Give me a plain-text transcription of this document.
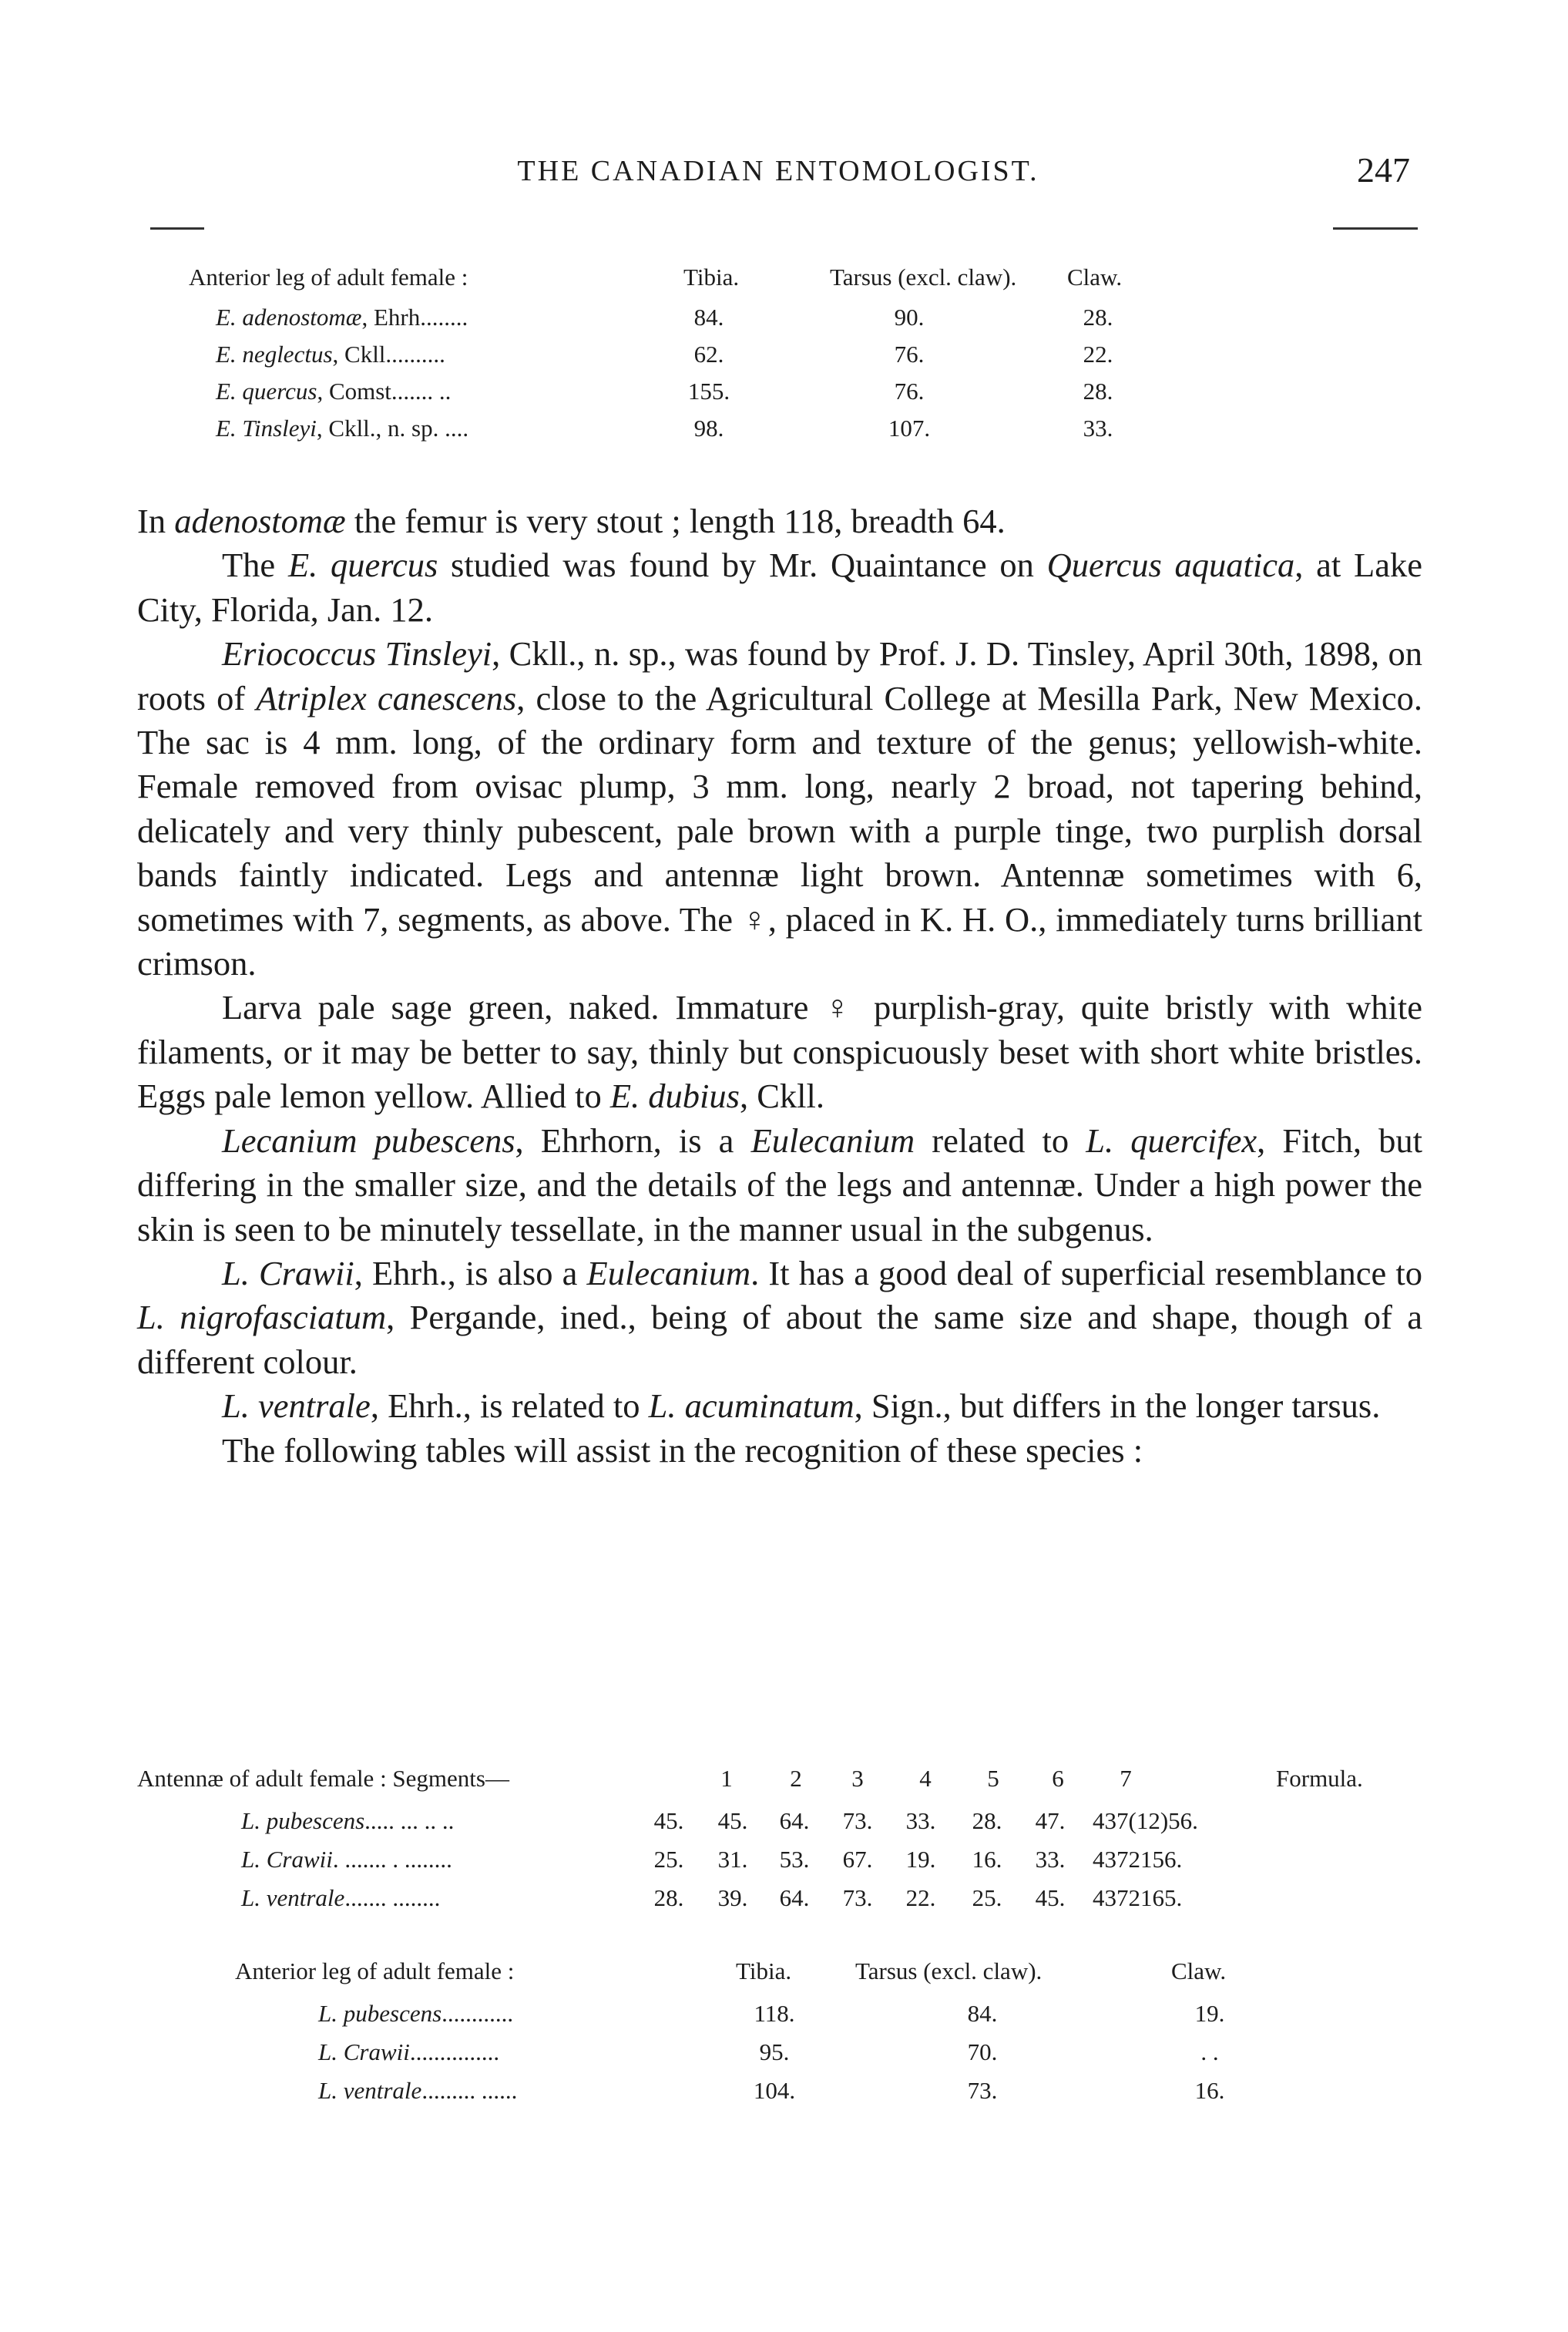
THE CANADIAN ENTOMOLOGIST.	247
Anterior leg of adult female :	Tibia.	Tarsus (excl. claw). Claw.
E. adenostomæ, Ehrh........	84.	90.	28.
E. neglectus, Ckll..........	62.	76.	22.
E. quercus, Comst....... ..	155.	76.	28.
E. Tinsleyi, Ckll., n. sp. ....	98.	107.	33.

In adenostomæ the femur is very stout ; length 118, breadth 64.

The E. quercus studied was found by Mr. Quaintance on Quercus aquatica, at Lake City, Florida, Jan. 12.

Eriococcus Tinsleyi, Ckll., n. sp., was found by Prof. J. D. Tinsley, April 30th, 1898, on roots of Atriplex canescens, close to the Agricultural College at Mesilla Park, New Mexico. The sac is 4 mm. long, of the ordinary form and texture of the genus; yellowish-white. Female removed from ovisac plump, 3 mm. long, nearly 2 broad, not tapering behind, delicately and very thinly pubescent, pale brown with a purple tinge, two purplish dorsal bands faintly indicated. Legs and antennæ light brown. Antennæ sometimes with 6, sometimes with 7, segments, as above. The ♀, placed in K. H. O., immediately turns brilliant crimson.

Larva pale sage green, naked. Immature ♀ purplish-gray, quite bristly with white filaments, or it may be better to say, thinly but conspicuously beset with short white bristles. Eggs pale lemon yellow. Allied to E. dubius, Ckll.

Lecanium pubescens, Ehrhorn, is a Eulecanium related to L. quercifex, Fitch, but differing in the smaller size, and the details of the legs and antennæ. Under a high power the skin is seen to be minutely tessellate, in the manner usual in the subgenus.

L. Crawii, Ehrh., is also a Eulecanium. It has a good deal of superficial resemblance to L. nigrofasciatum, Pergande, ined., being of about the same size and shape, though of a different colour.

L. ventrale, Ehrh., is related to L. acuminatum, Sign., but differs in the longer tarsus.

The following tables will assist in the recognition of these species :

Antennæ of adult female : Segments—	1	2	3	4	5	6	7	Formula.
L. pubescens..... ... .. ..	45.	45.	64.	73.	33.	28.	47.	437(12)56.
L. Crawii. ....... . ........	25.	31.	53.	67.	19.	16.	33.	4372156.
L. ventrale....... ........	28.	39.	64.	73.	22.	25.	45.	4372165.
Anterior leg of adult female :	Tibia.	Tarsus (excl. claw).	Claw.
L. pubescens............	118.	84.	19.
L. Crawii...............	95.	70.	. .
L. ventrale......... ......	104.	73.	16.
